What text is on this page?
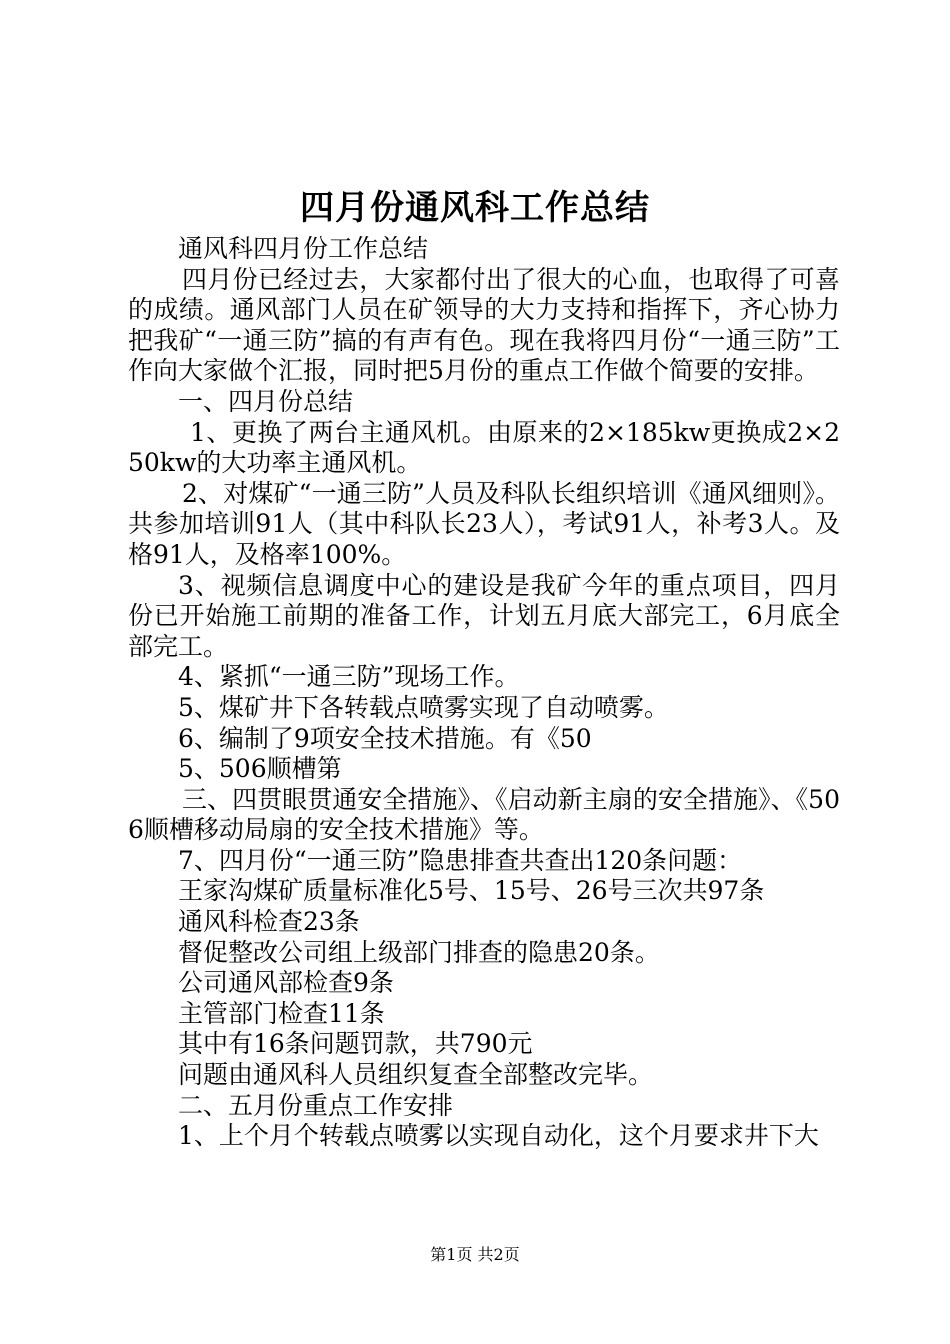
四月份通风科工作总结

通风科四月份工作总结

四月份已经过去，大家都付出了很大的心血，也取得了可喜的成绩。通风部门人员在矿领导的大力支持和指挥下，齐心协力把我矿“一通三防”搞的有声有色。现在我将四月份“一通三防”工作向大家做个汇报，同时把5月份的重点工作做个简要的安排。

一、四月份总结

1、更换了两台主通风机。由原来的2×185kw更换成2×250kw的大功率主通风机。

2、对煤矿“一通三防”人员及科队长组织培训《通风细则》。共参加培训91人（其中科队长23人），考试91人，补考3人。及格91人，及格率100%。

3、视频信息调度中心的建设是我矿今年的重点项目，四月份已开始施工前期的准备工作，计划五月底大部完工，6月底全部完工。

4、紧抓“一通三防”现场工作。

5、煤矿井下各转载点喷雾实现了自动喷雾。

6、编制了9项安全技术措施。有《50

5、506顺槽第

三、四贯眼贯通安全措施》、《启动新主扇的安全措施》、《506顺槽移动局扇的安全技术措施》等。

7、四月份“一通三防”隐患排查共查出120条问题：

王家沟煤矿质量标准化5号、15号、26号三次共97条

通风科检查23条

督促整改公司组上级部门排查的隐患20条。

公司通风部检查9条

主管部门检查11条

其中有16条问题罚款，共790元

问题由通风科人员组织复查全部整改完毕。

二、五月份重点工作安排

1、上个月个转载点喷雾以实现自动化，这个月要求井下大

第1页 共2页
